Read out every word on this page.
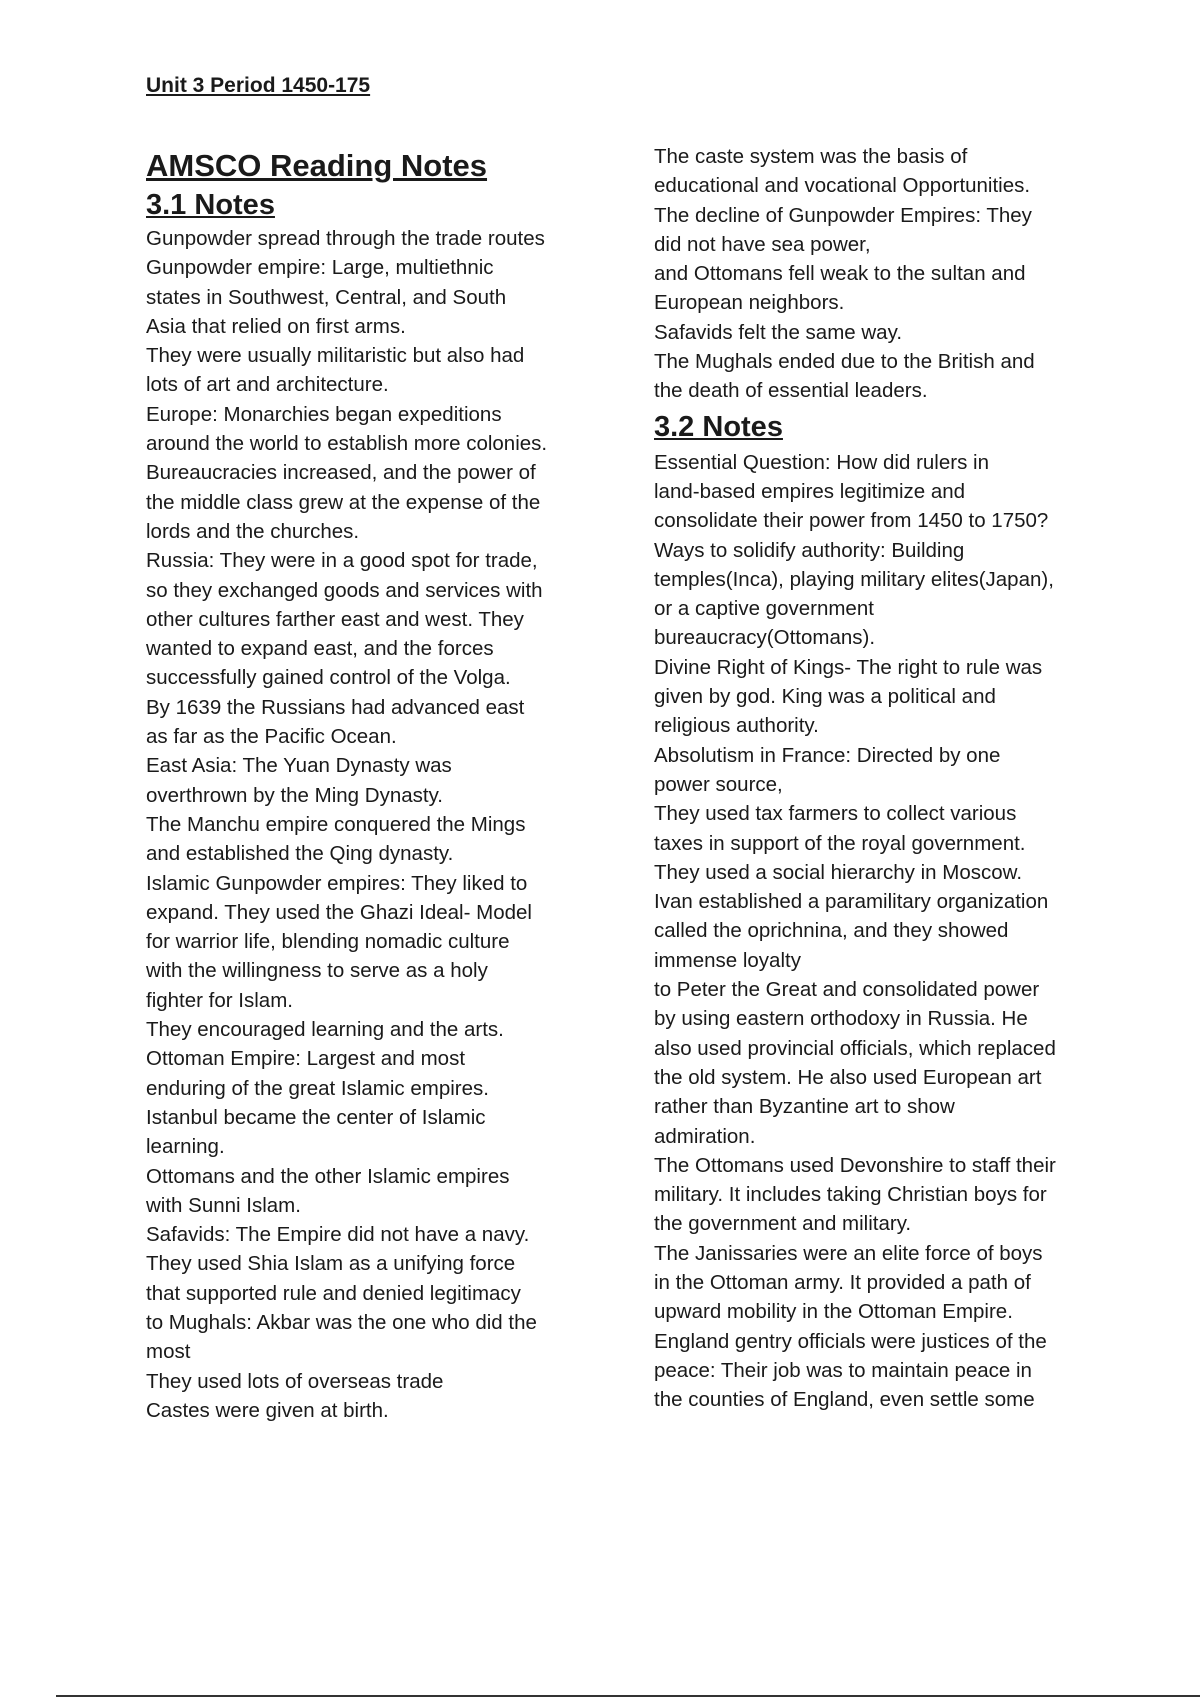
Unit 3 Period 1450-175
AMSCO Reading Notes
3.1 Notes
Gunpowder spread through the trade routes
Gunpowder empire: Large, multiethnic
states in Southwest, Central, and South
Asia that relied on first arms.
They were usually militaristic but also had
lots of art and architecture.
Europe: Monarchies began expeditions
around the world to establish more colonies.
Bureaucracies increased, and the power of
the middle class grew at the expense of the
lords and the churches.
Russia: They were in a good spot for trade,
so they exchanged goods and services with
other cultures farther east and west. They
wanted to expand east, and the forces
successfully gained control of the Volga.
By 1639 the Russians had advanced east
as far as the Pacific Ocean.
East Asia: The Yuan Dynasty was
overthrown by the Ming Dynasty.
The Manchu empire conquered the Mings
and established the Qing dynasty.
Islamic Gunpowder empires: They liked to
expand. They used the Ghazi Ideal- Model
for warrior life, blending nomadic culture
with the willingness to serve as a holy
fighter for Islam.
They encouraged learning and the arts.
Ottoman Empire: Largest and most
enduring of the great Islamic empires.
Istanbul became the center of Islamic
learning.
Ottomans and the other Islamic empires
with Sunni Islam.
Safavids: The Empire did not have a navy.
They used Shia Islam as a unifying force
that supported rule and denied legitimacy
to Mughals: Akbar was the one who did the
most
They used lots of overseas trade
Castes were given at birth.
The caste system was the basis of
educational and vocational Opportunities.
The decline of Gunpowder Empires: They
did not have sea power,
and Ottomans fell weak to the sultan and
European neighbors.
Safavids felt the same way.
The Mughals ended due to the British and
the death of essential leaders.
3.2 Notes
Essential Question: How did rulers in
land-based empires legitimize and
consolidate their power from 1450 to 1750?
Ways to solidify authority: Building
temples(Inca), playing military elites(Japan),
or a captive government
bureaucracy(Ottomans).
Divine Right of Kings- The right to rule was
given by god. King was a political and
religious authority.
Absolutism in France: Directed by one
power source,
They used tax farmers to collect various
taxes in support of the royal government.
They used a social hierarchy in Moscow.
Ivan established a paramilitary organization
called the oprichnina, and they showed
immense loyalty
to Peter the Great and consolidated power
by using eastern orthodoxy in Russia. He
also used provincial officials, which replaced
the old system. He also used European art
rather than Byzantine art to show
admiration.
The Ottomans used Devonshire to staff their
military. It includes taking Christian boys for
the government and military.
The Janissaries were an elite force of boys
in the Ottoman army. It provided a path of
upward mobility in the Ottoman Empire.
England gentry officials were justices of the
peace: Their job was to maintain peace in
the counties of England, even settle some
